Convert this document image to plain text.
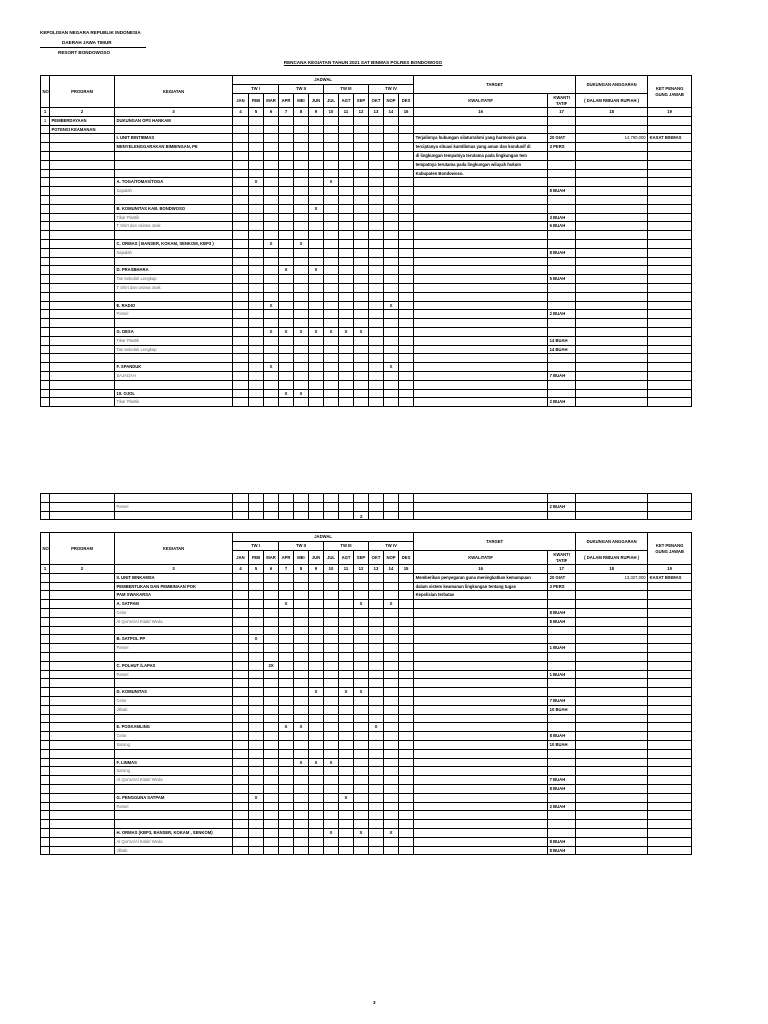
KEPOLISIAN NEGARA REPUBLIK INDONESIA
DAERAH JAWA TIMUR
RESORT BONDOWOSO
RENCANA KEGIATAN TAHUN 2021 SAT BINMAS POLRES BONDOWOSO
NO	PROGRAM	KEGIATAN	JADWAL												TARGET		DUKUNGAN ANGGARAN	KET PENANG GUNG JAWAB
			TW I			TW II			TW III			TW IV						
			JAN	FEB	MAR	APR	MEI	JUN	JUL	AGT	SEP	OKT	NOP	DES	KWALITATIF	KWANTI TATIF	( DALAM RIBUAN RUPIAH )	
1	2	3	4	5	6	7	8	9	10	11	12	13	14	15	16	17	18	19
1	PEMBERDAYAAN	DUKUNGAN OPS HANKAM																
	POTENSI KEAMANAN																	
		I. UNIT BINTIBMAS													Terjalinnya hubungan silaturrahmi yang harmonis guna	20 GIAT	14,790,000	KASAT BINMAS
		MENYELENGGARAKAN BIMBINGAN, PE													terciptanya situasi kamtibmas yang aman dan kondusif di	3 PERS		
															di lingkungan tempatnya terutama pada lingkungan tem			
															tempatnya terutama pada lingkungan wilayah hukum			
															Kabupaten Bondowoso.			
		A. TOGA/TOMAS/TOGA		X					X									
		Sajadah														8 BUAH		

		B. KOMUNITAS KAB. BONDWOSO						X										
		Tikar Plastik														3 BUAH		
		T Shirt dan celana onak														6 BUAH		

		C. ORMAS ( BANSER, KOKAM, SENKOM, KBP3 )			X		X											
		Sajadah														8 BUAH		

		D. PRASBHARA				X		X										
		Tas Sekolah Lengkap														5 BUAH		
		T Shirt dan celana onak																

		E. RADIO			X								X					
		Parsel														2 BUAH		

		G. DESA			X	X	X	X	X	X	X							
		Tikar Plastik														14 BUAH		
		Tas Sekolah Lengkap														14 BUAH		

		F. SPANDUK			X								X					
		SAJADAH														7 BUAH		

		10. OJOL				X	X											
		Tikar Plastik														2 BUAH		

		Parsel														2 BUAH		

2
NO	PROGRAM	KEGIATAN	JADWAL												TARGET		DUKUNGAN ANGGARAN	KET PENANG GUNG JAWAB
			TW I			TW II			TW III			TW IV						
			JAN	FEB	MAR	APR	MEI	JUN	JUL	AGT	SEP	OKT	NOP	DES	KWALITATIF	KWANTI TATIF	( DALAM RIBUAN RUPIAH )	
1	2	3	4	5	6	7	8	9	10	11	12	13	14	15	16	17	18	19
		II. UNIT BINKAMSA													Memberikan penyegaran guna meningkatkan kemampuan	20 GIAT	13,327,000	KASAT BINMAS
		PEMBENTUKAN DAN PEMBINAAN POK													dalam sistem keamanan lingkungan tentang tugas	3 PERS		
		PAM SWAKARSA													Kepolisian terbatas			
		A. SATPAM				X					X		X					
		Celur														8 BUAH		
		Al Qur'an/Al Kitab/ Weda														8 BUAH		

		B. SATPOL PP		X														
		Parsel														1 BUAH		

		C. POLHUT /LAPAS			2X													
		Parsel														1 BUAH		

		D. KOMUNITAS						X		X	X							
		Celur														7 BUAH		
		Jilbab														10 BUAH		

		E. POSKAMLING				X	X					X						
		Celur														8 BUAH		
		Sarung														10 BUAH		

		F. LINMAS					X	X	X									
		Sarung																
		Al Qur'an/Al Kitab/ Weda														7 BUAH		
																8 BUAH		
		G. PENGGUNA SATPAM		X						X								
		Parsel														2 BUAH		

		H. ORMAS (KBP3, BANSER, KOKAM , SENKOM)							X		X		X					
		Al Qur'an/Al Kitab/ Weda														8 BUAH		
		Jilbab														8 BUAH		
3
